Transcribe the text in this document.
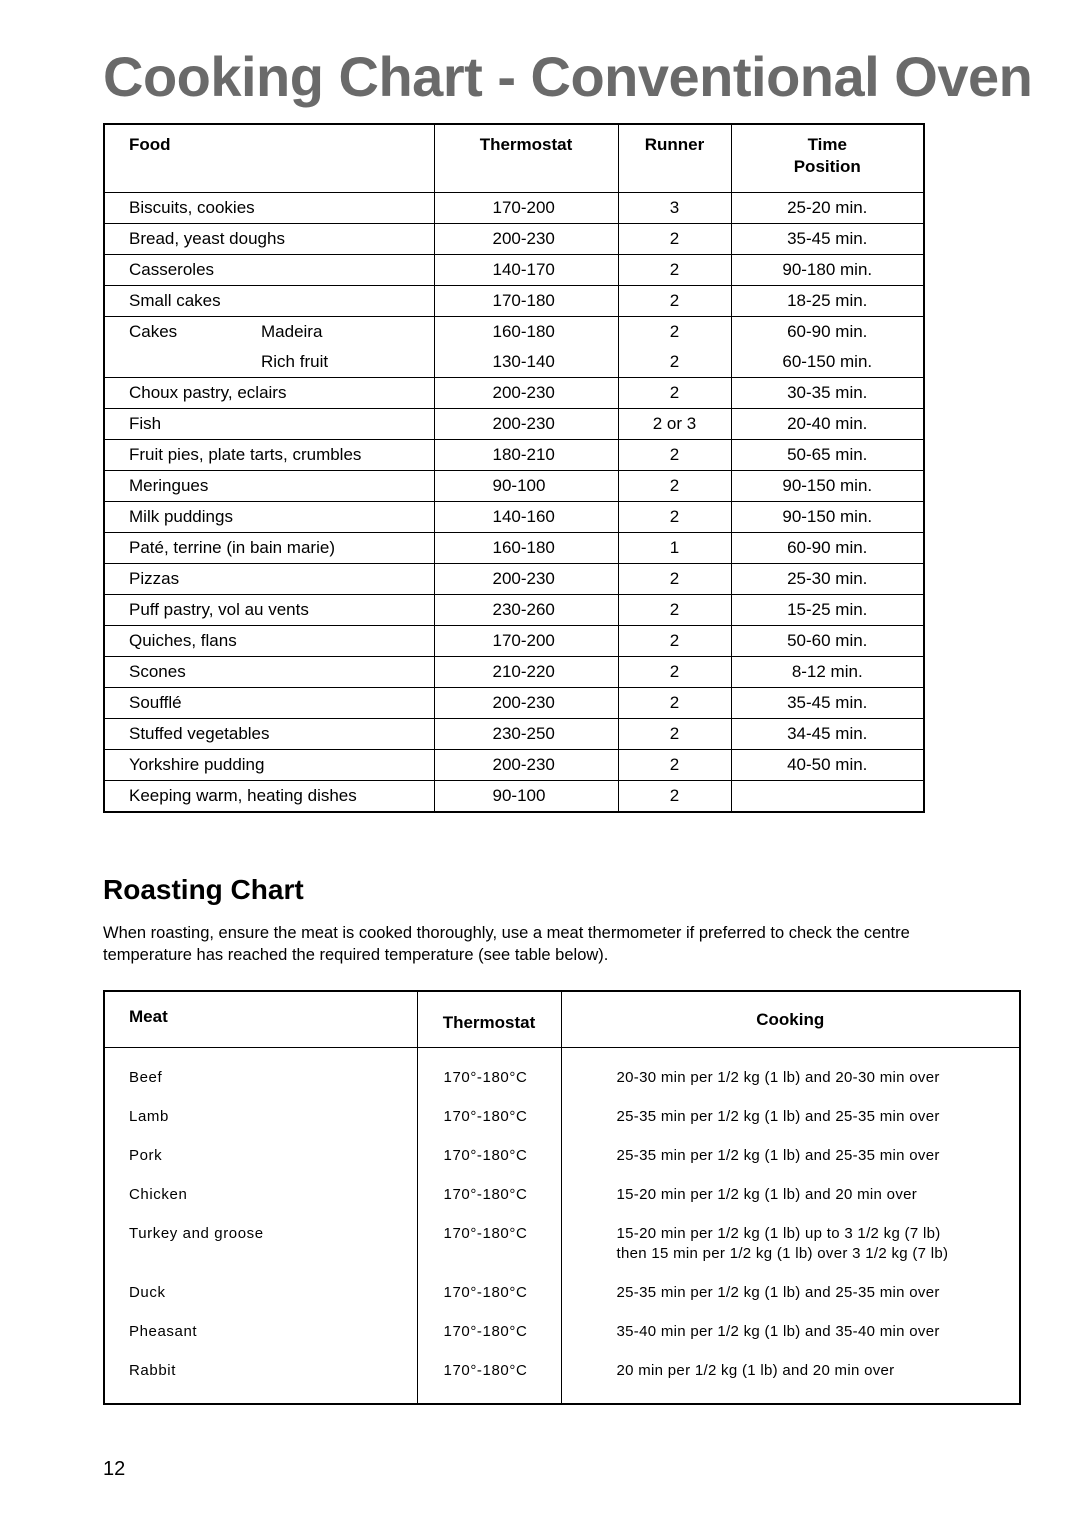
Cooking Chart - Conventional Oven
Food	Thermostat	Runner	Time
Position

Biscuits, cookies	170-200	3	25-20 min.
Bread, yeast doughs	200-230	2	35-45 min.
Casseroles	140-170	2	90-180 min.
Small cakes	170-180	2	18-25 min.
Cakes Madeira	160-180	2	60-90 min.
Rich fruit	130-140	2	60-150 min.
Choux pastry, eclairs	200-230	2	30-35 min.
Fish	200-230	2 or 3	20-40 min.
Fruit pies, plate tarts, crumbles	180-210	2	50-65 min.
Meringues	90-100	2	90-150 min.
Milk puddings	140-160	2	90-150 min.
Paté, terrine (in bain marie)	160-180	1	60-90 min.
Pizzas	200-230	2	25-30 min.
Puff pastry, vol au vents	230-260	2	15-25 min.
Quiches, flans	170-200	2	50-60 min.
Scones	210-220	2	8-12 min.
Soufflé	200-230	2	35-45 min.
Stuffed vegetables	230-250	2	34-45 min.
Yorkshire pudding	200-230	2	40-50 min.
Keeping warm, heating dishes	90-100	2	
Roasting Chart

When roasting, ensure the meat is cooked thoroughly, use a meat thermometer if preferred to check the centre temperature has reached the required temperature (see table below).

Meat	Thermostat	Cooking
Beef	170°-180°C	20-30 min per 1/2 kg (1 lb) and 20-30 min over

Lamb	170°-180°C	25-35 min per 1/2 kg (1 lb) and 25-35 min over

Pork	170°-180°C	25-35 min per 1/2 kg (1 lb) and 25-35 min over

Chicken	170°-180°C	15-20 min per 1/2 kg (1 lb) and 20 min over

Turkey and groose	170°-180°C	15-20 min per 1/2 kg (1 lb) up to 3 1/2 kg (7 lb)
then 15 min per 1/2 kg (1 lb) over 3 1/2 kg (7 lb)

Duck	170°-180°C	25-35 min per 1/2 kg (1 lb) and 25-35 min over

Pheasant	170°-180°C	35-40 min per 1/2 kg (1 lb) and 35-40 min over

Rabbit	170°-180°C	20 min per 1/2 kg (1 lb) and 20 min over

12
